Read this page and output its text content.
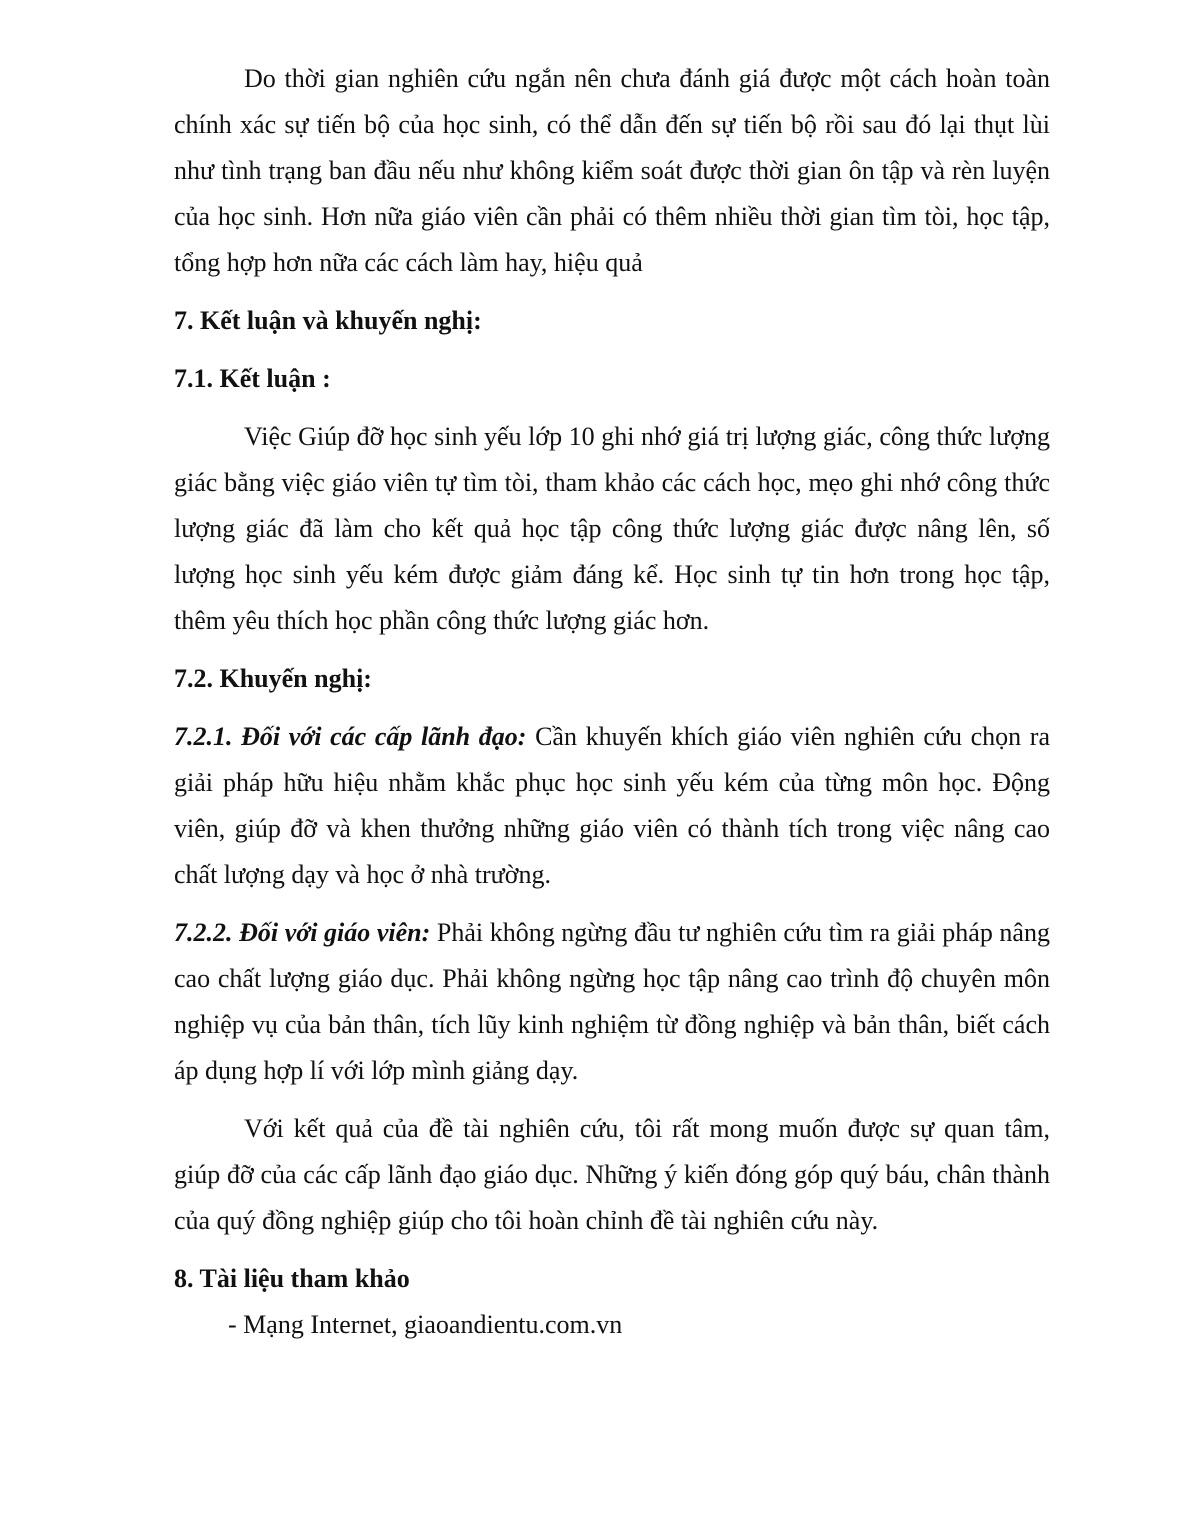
Do thời gian nghiên cứu ngắn nên chưa đánh giá được một cách hoàn toàn chính xác sự tiến bộ của học sinh, có thể dẫn đến sự tiến bộ rồi sau đó lại thụt lùi như tình trạng ban đầu nếu như không kiểm soát được thời gian ôn tập và rèn luyện của học sinh. Hơn nữa giáo viên cần phải có thêm nhiều thời gian tìm tòi, học tập, tổng hợp hơn nữa các cách làm hay, hiệu quả

7. Kết luận và khuyến nghị:

7.1. Kết luận :

Việc Giúp đỡ học sinh yếu lớp 10 ghi nhớ giá trị lượng giác, công thức lượng giác bằng việc giáo viên tự tìm tòi, tham khảo các cách học, mẹo ghi nhớ công thức lượng giác đã làm cho kết quả học tập công thức lượng giác được nâng lên, số lượng học sinh yếu kém được giảm đáng kể. Học sinh tự tin hơn trong học tập, thêm yêu thích học phần công thức lượng giác hơn.

7.2. Khuyến nghị:

7.2.1. Đối với các cấp lãnh đạo: Cần khuyến khích giáo viên nghiên cứu chọn ra giải pháp hữu hiệu nhằm khắc phục học sinh yếu kém của từng môn học. Động viên, giúp đỡ và khen thưởng những giáo viên có thành tích trong việc nâng cao chất lượng dạy và học ở nhà trường.

7.2.2. Đối với giáo viên: Phải không ngừng đầu tư nghiên cứu tìm ra giải pháp nâng cao chất lượng giáo dục. Phải không ngừng học tập nâng cao trình độ chuyên môn nghiệp vụ của bản thân, tích lũy kinh nghiệm từ đồng nghiệp và bản thân, biết cách áp dụng hợp lí với lớp mình giảng dạy.

Với kết quả của đề tài nghiên cứu, tôi rất mong muốn được sự quan tâm, giúp đỡ của các cấp lãnh đạo giáo dục. Những ý kiến đóng góp quý báu, chân thành của quý đồng nghiệp giúp cho tôi hoàn chỉnh đề tài nghiên cứu này.

8. Tài liệu tham khảo

- Mạng Internet, giaoandientu.com.vn
